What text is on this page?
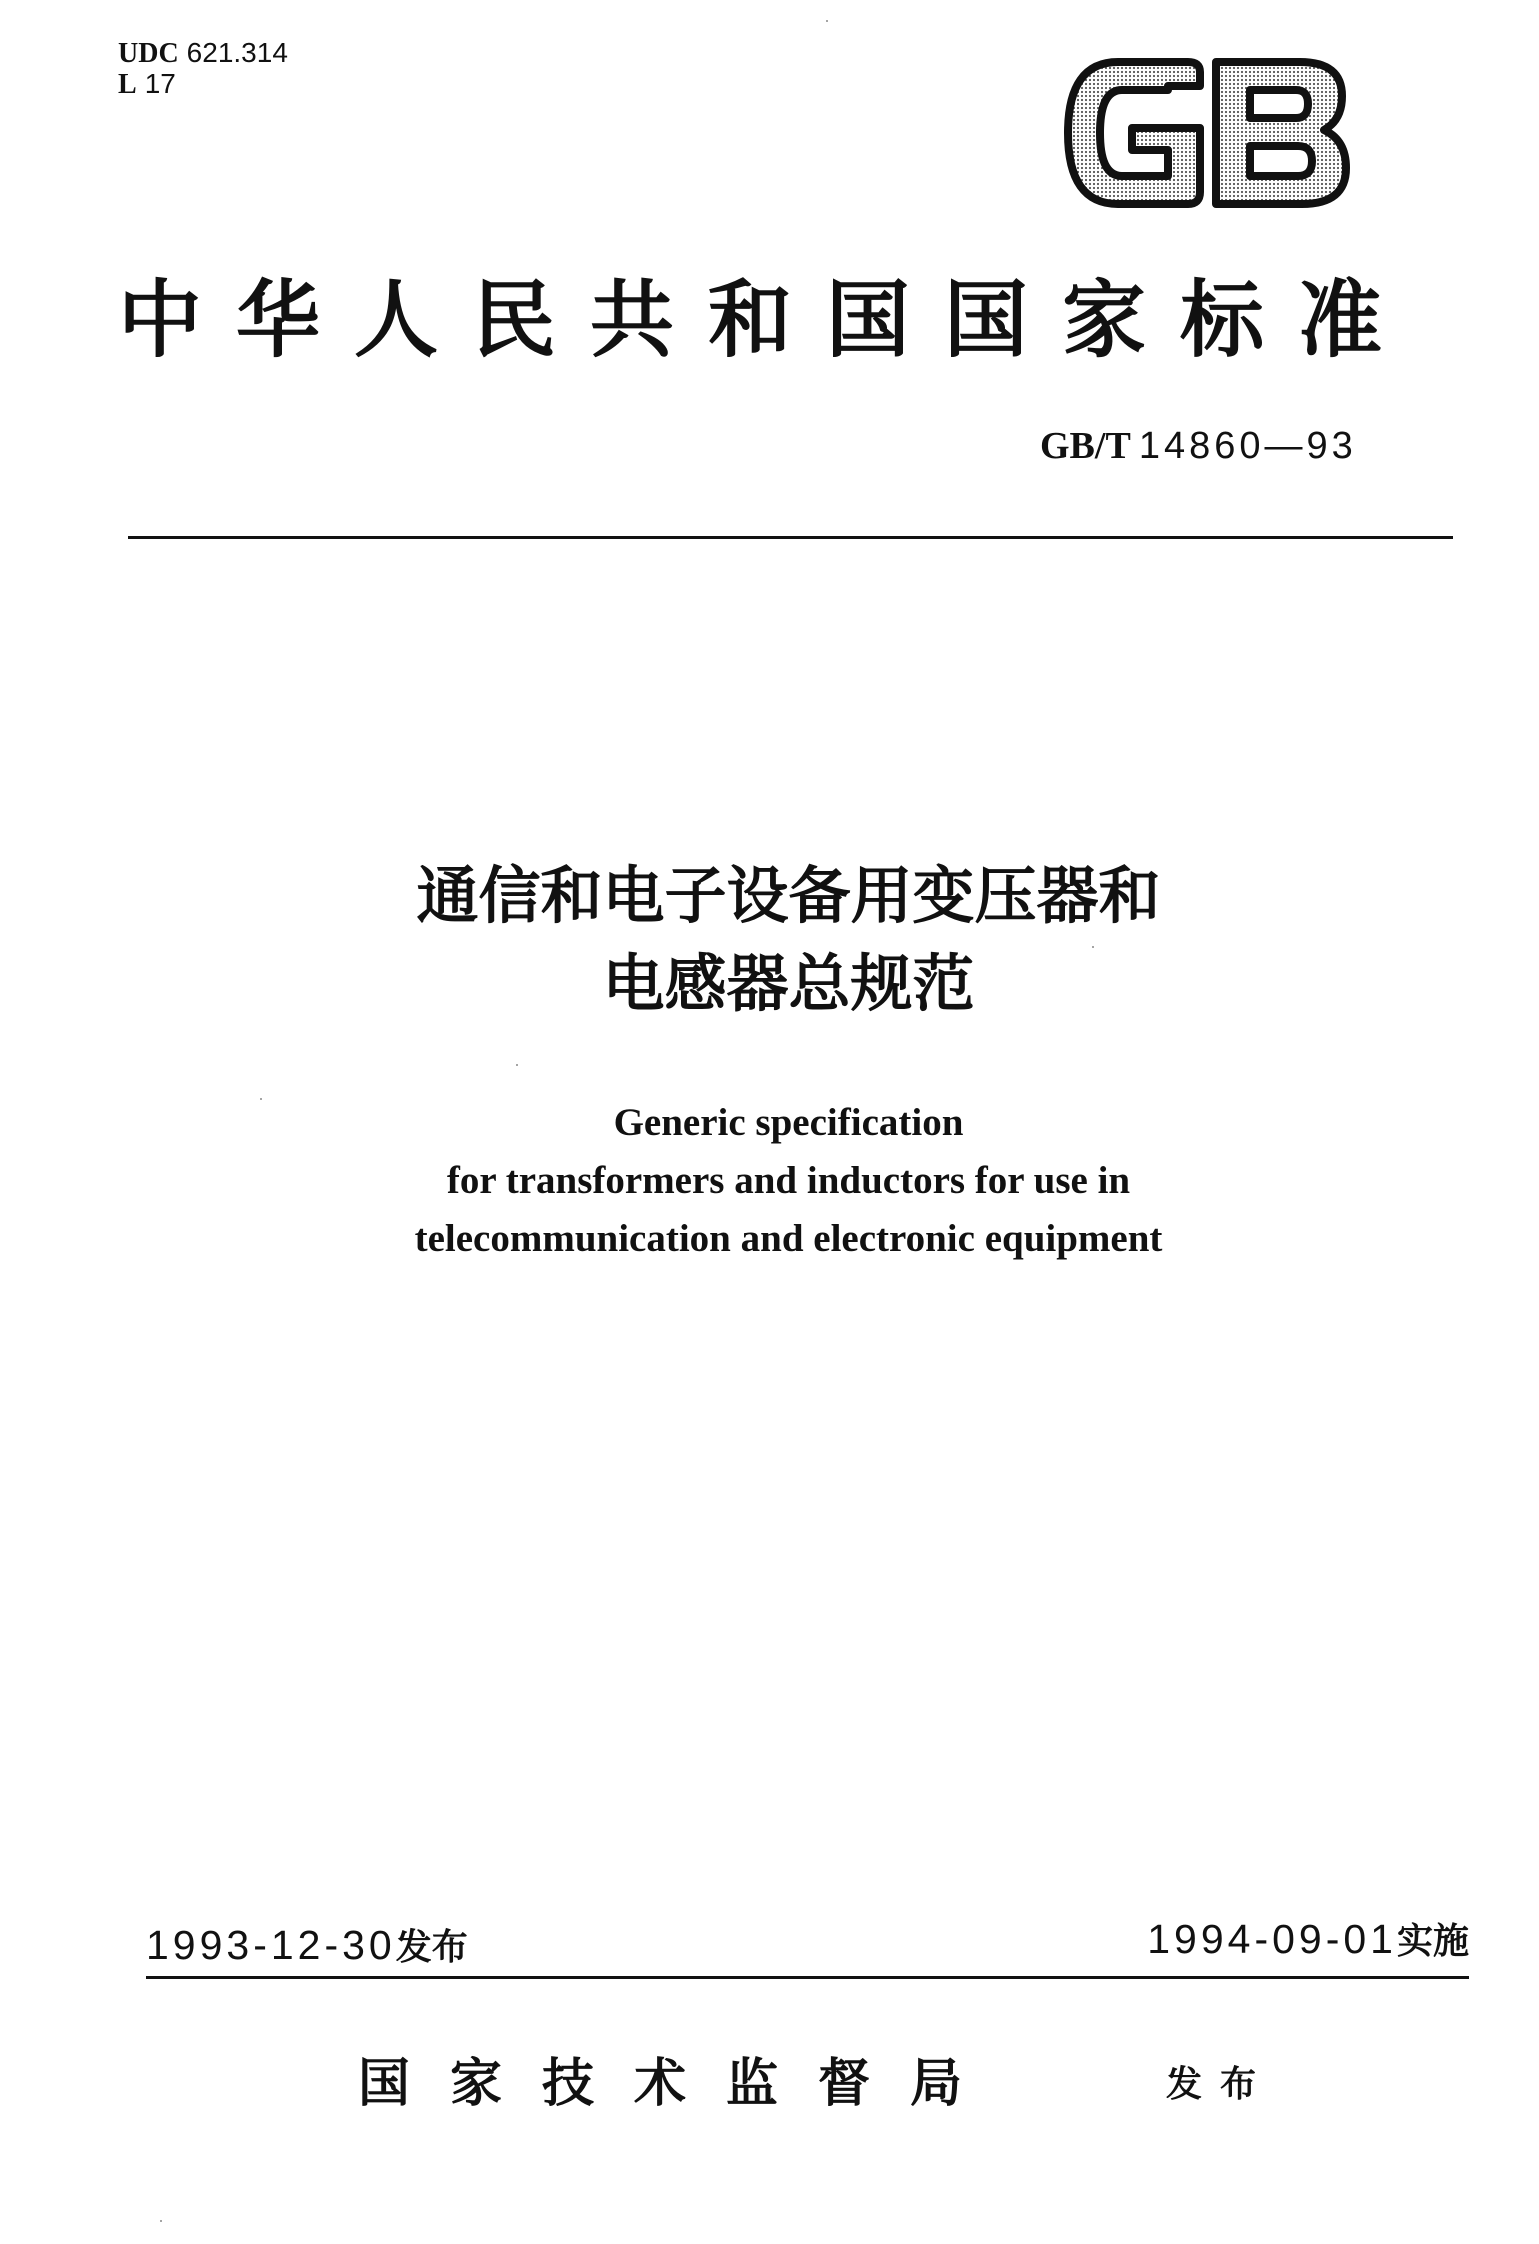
UDC 621.314
L 17
中华人民共和国国家标准
GB/T 14860—93
通信和电子设备用变压器和
电感器总规范
Generic specification
for transformers and inductors for use in
telecommunication and electronic equipment
1993-12-30发布	1994-09-01实施
国家技术监督局	发布
